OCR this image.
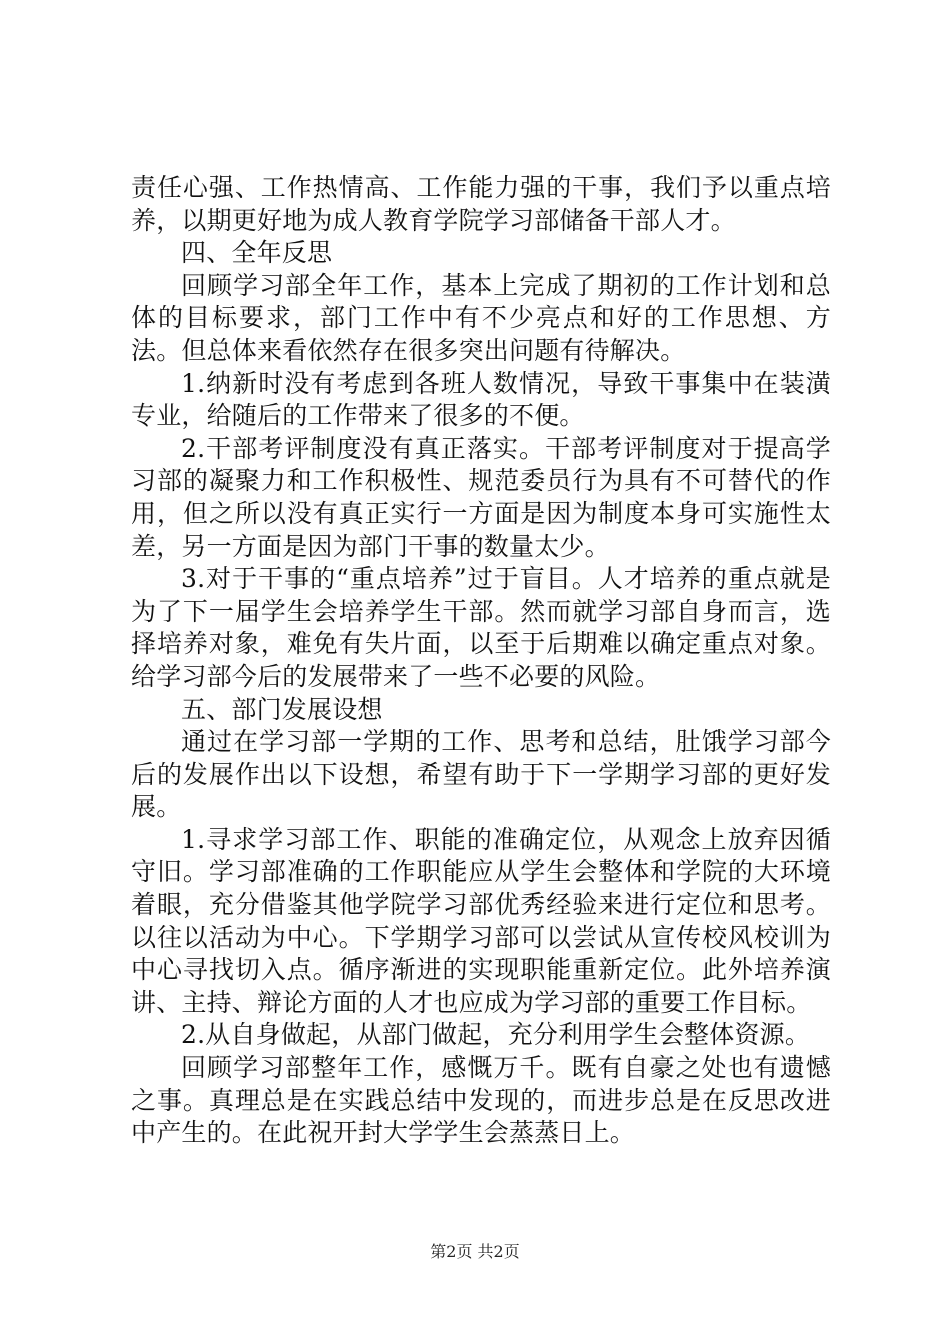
责任心强、工作热情高、工作能力强的干事，我们予以重点培养，以期更好地为成人教育学院学习部储备干部人才。

四、全年反思

回顾学习部全年工作，基本上完成了期初的工作计划和总体的目标要求，部门工作中有不少亮点和好的工作思想、方法。但总体来看依然存在很多突出问题有待解决。

1.纳新时没有考虑到各班人数情况，导致干事集中在装潢专业，给随后的工作带来了很多的不便。

2.干部考评制度没有真正落实。干部考评制度对于提高学习部的凝聚力和工作积极性、规范委员行为具有不可替代的作用，但之所以没有真正实行一方面是因为制度本身可实施性太差，另一方面是因为部门干事的数量太少。

3.对于干事的“重点培养”过于盲目。人才培养的重点就是为了下一届学生会培养学生干部。然而就学习部自身而言，选择培养对象，难免有失片面，以至于后期难以确定重点对象。给学习部今后的发展带来了一些不必要的风险。

五、部门发展设想

通过在学习部一学期的工作、思考和总结，肚饿学习部今后的发展作出以下设想，希望有助于下一学期学习部的更好发展。

1.寻求学习部工作、职能的准确定位，从观念上放弃因循守旧。学习部准确的工作职能应从学生会整体和学院的大环境着眼，充分借鉴其他学院学习部优秀经验来进行定位和思考。以往以活动为中心。下学期学习部可以尝试从宣传校风校训为中心寻找切入点。循序渐进的实现职能重新定位。此外培养演讲、主持、辩论方面的人才也应成为学习部的重要工作目标。

2.从自身做起，从部门做起，充分利用学生会整体资源。

回顾学习部整年工作，感慨万千。既有自豪之处也有遗憾之事。真理总是在实践总结中发现的，而进步总是在反思改进中产生的。在此祝开封大学学生会蒸蒸日上。

第2页 共2页
